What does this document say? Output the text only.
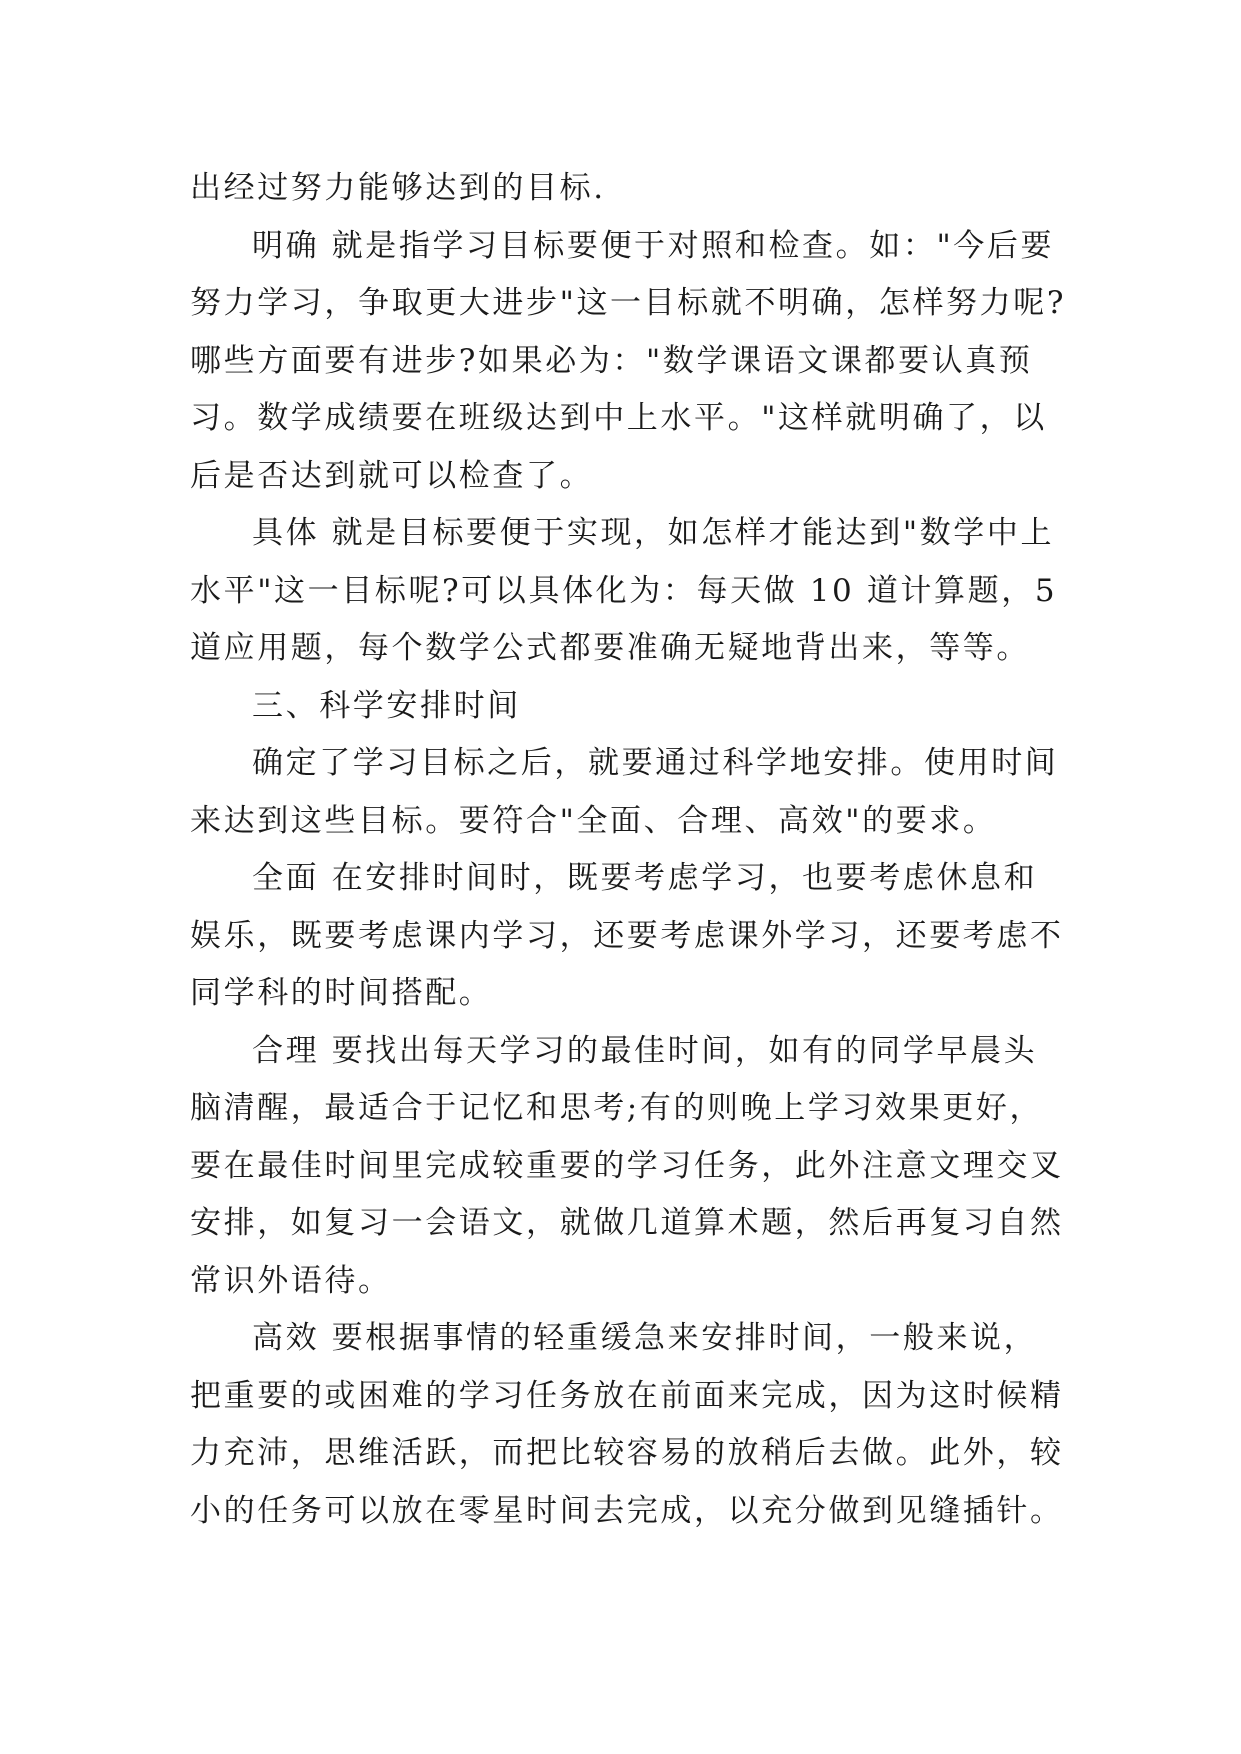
出经过努力能够达到的目标.

明确 就是指学习目标要便于对照和检查。如："今后要努力学习，争取更大进步"这一目标就不明确，怎样努力呢?哪些方面要有进步?如果必为："数学课语文课都要认真预习。数学成绩要在班级达到中上水平。"这样就明确了，以后是否达到就可以检查了。

具体 就是目标要便于实现，如怎样才能达到"数学中上水平"这一目标呢?可以具体化为：每天做 10 道计算题，5 道应用题，每个数学公式都要准确无疑地背出来，等等。

三、科学安排时间

确定了学习目标之后，就要通过科学地安排。使用时间来达到这些目标。要符合"全面、合理、高效"的要求。

全面 在安排时间时，既要考虑学习，也要考虑休息和娱乐，既要考虑课内学习，还要考虑课外学习，还要考虑不同学科的时间搭配。

合理 要找出每天学习的最佳时间，如有的同学早晨头脑清醒，最适合于记忆和思考;有的则晚上学习效果更好，要在最佳时间里完成较重要的学习任务，此外注意文理交叉安排，如复习一会语文，就做几道算术题，然后再复习自然常识外语待。

高效 要根据事情的轻重缓急来安排时间，一般来说，把重要的或困难的学习任务放在前面来完成，因为这时候精力充沛，思维活跃，而把比较容易的放稍后去做。此外，较小的任务可以放在零星时间去完成，以充分做到见缝插针。
